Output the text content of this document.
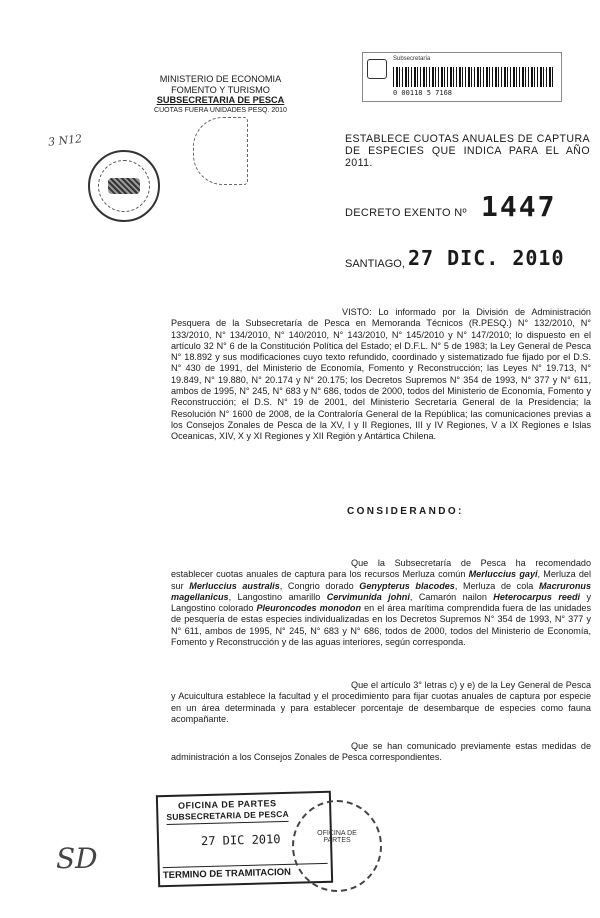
MINISTERIO DE ECONOMIA
FOMENTO Y TURISMO
SUBSECRETARIA DE PESCA
CUOTAS FUERA UNIDADES PESQ. 2010
3 N12
Subsecretaría
0 00118 5 7168
ESTABLECE CUOTAS ANUALES DE CAPTURA DE ESPECIES QUE INDICA PARA EL AÑO 2011.
DECRETO EXENTO Nº 1447
SANTIAGO, 27 DIC. 2010
VISTO: Lo informado por la División de Administración Pesquera de la Subsecretaría de Pesca en Memoranda Técnicos (R.PESQ.) N° 132/2010, N° 133/2010, N° 134/2010, N° 140/2010, N° 143/2010, N° 145/2010 y N° 147/2010; lo dispuesto en el artículo 32 N° 6 de la Constitución Política del Estado; el D.F.L. N° 5 de 1983; la Ley General de Pesca N° 18.892 y sus modificaciones cuyo texto refundido, coordinado y sistematizado fue fijado por el D.S. N° 430 de 1991, del Ministerio de Economía, Fomento y Reconstrucción; las Leyes N° 19.713, N° 19.849, N° 19.880, N° 20.174 y N° 20.175; los Decretos Supremos N° 354 de 1993, N° 377 y N° 611, ambos de 1995, N° 245, N° 683 y N° 686, todos de 2000, todos del Ministerio de Economía, Fomento y Reconstrucción; el D.S. N° 19 de 2001, del Ministerio Secretaría General de la Presidencia; la Resolución N° 1600 de 2008, de la Contraloría General de la República; las comunicaciones previas a los Consejos Zonales de Pesca de la XV, I y II Regiones, III y IV Regiones, V a IX Regiones e Islas Oceanicas, XIV, X y XI Regiones y XII Región y Antártica Chilena.
CONSIDERANDO:
Que la Subsecretaría de Pesca ha recomendado establecer cuotas anuales de captura para los recursos Merluza común Merluccius gayi, Merluza del sur Merluccius australis, Congrio dorado Genypterus blacodes, Merluza de cola Macruronus magellanicus, Langostino amarillo Cervimunida johni, Camarón nailon Heterocarpus reedi y Langostino colorado Pleuroncodes monodon en el área marítima comprendida fuera de las unidades de pesquería de estas especies individualizadas en los Decretos Supremos N° 354 de 1993, N° 377 y N° 611, ambos de 1995, N° 245, N° 683 y N° 686, todos de 2000, todos del Ministerio de Economía, Fomento y Reconstrucción y de las aguas interiores, según corresponda.
Que el artículo 3° letras c) y e) de la Ley General de Pesca y Acuicultura establece la facultad y el procedimiento para fijar cuotas anuales de captura por especie en un área determinada y para establecer porcentaje de desembarque de especies como fauna acompañante.
Que se han comunicado previamente estas medidas de administración a los Consejos Zonales de Pesca correspondientes.
SD
OFICINA DE PARTES
SUBSECRETARIA DE PESCA
27 DIC 2010
TERMINO DE TRAMITACION
OFICINA DE PARTES
